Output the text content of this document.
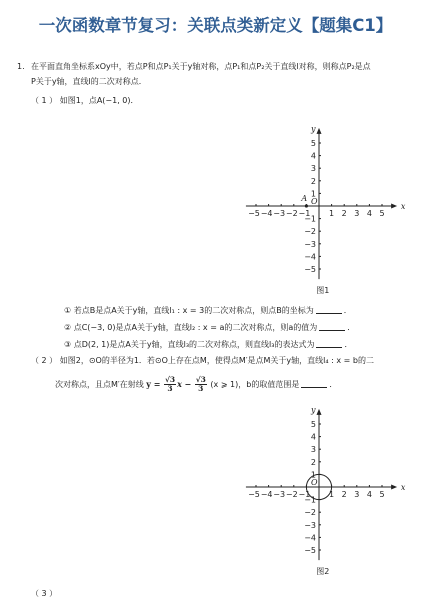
一次函数章节复习：关联点类新定义【题集C1】
1. 在平面直角坐标系xOy中，若点P和点P₁关于y轴对称，点P₁和点P₂关于直线l对称，则称点P₂是点
P关于y轴，直线l的二次对称点．
（ 1 ） 如图1，点A(−1, 0)．
−5
−5
−4
−4
−3
−3
−2
−2
−1
−1
1
1
2
2
3
3
4
4
5
5
x
y
O
图1
A
① 若点B是点A关于y轴，直线l₁ : x = 3的二次对称点，则点B的坐标为	．
② 点C(−3, 0)是点A关于y轴，直线l₂ : x = a的二次对称点，则a的值为	．
③ 点D(2, 1)是点A关于y轴，直线l₃的二次对称点，则直线l₃的表达式为	．
（ 2 ） 如图2，⊙O的半径为1．若⊙O上存在点M，使得点M′是点M关于y轴，直线l₄ : x = b的二
次对称点，且点M′在射线 $y = \frac{√3}{3}$ $x - \frac{√3}{3} (x$ ⩾ 1)，b的取值范围是	．
−5
−5
−4
−4
−3
−3
−2
−2
−1
−1
1
1
2
2
3
3
4
4
5
5
x
y
O
图2
（ 3 ）
